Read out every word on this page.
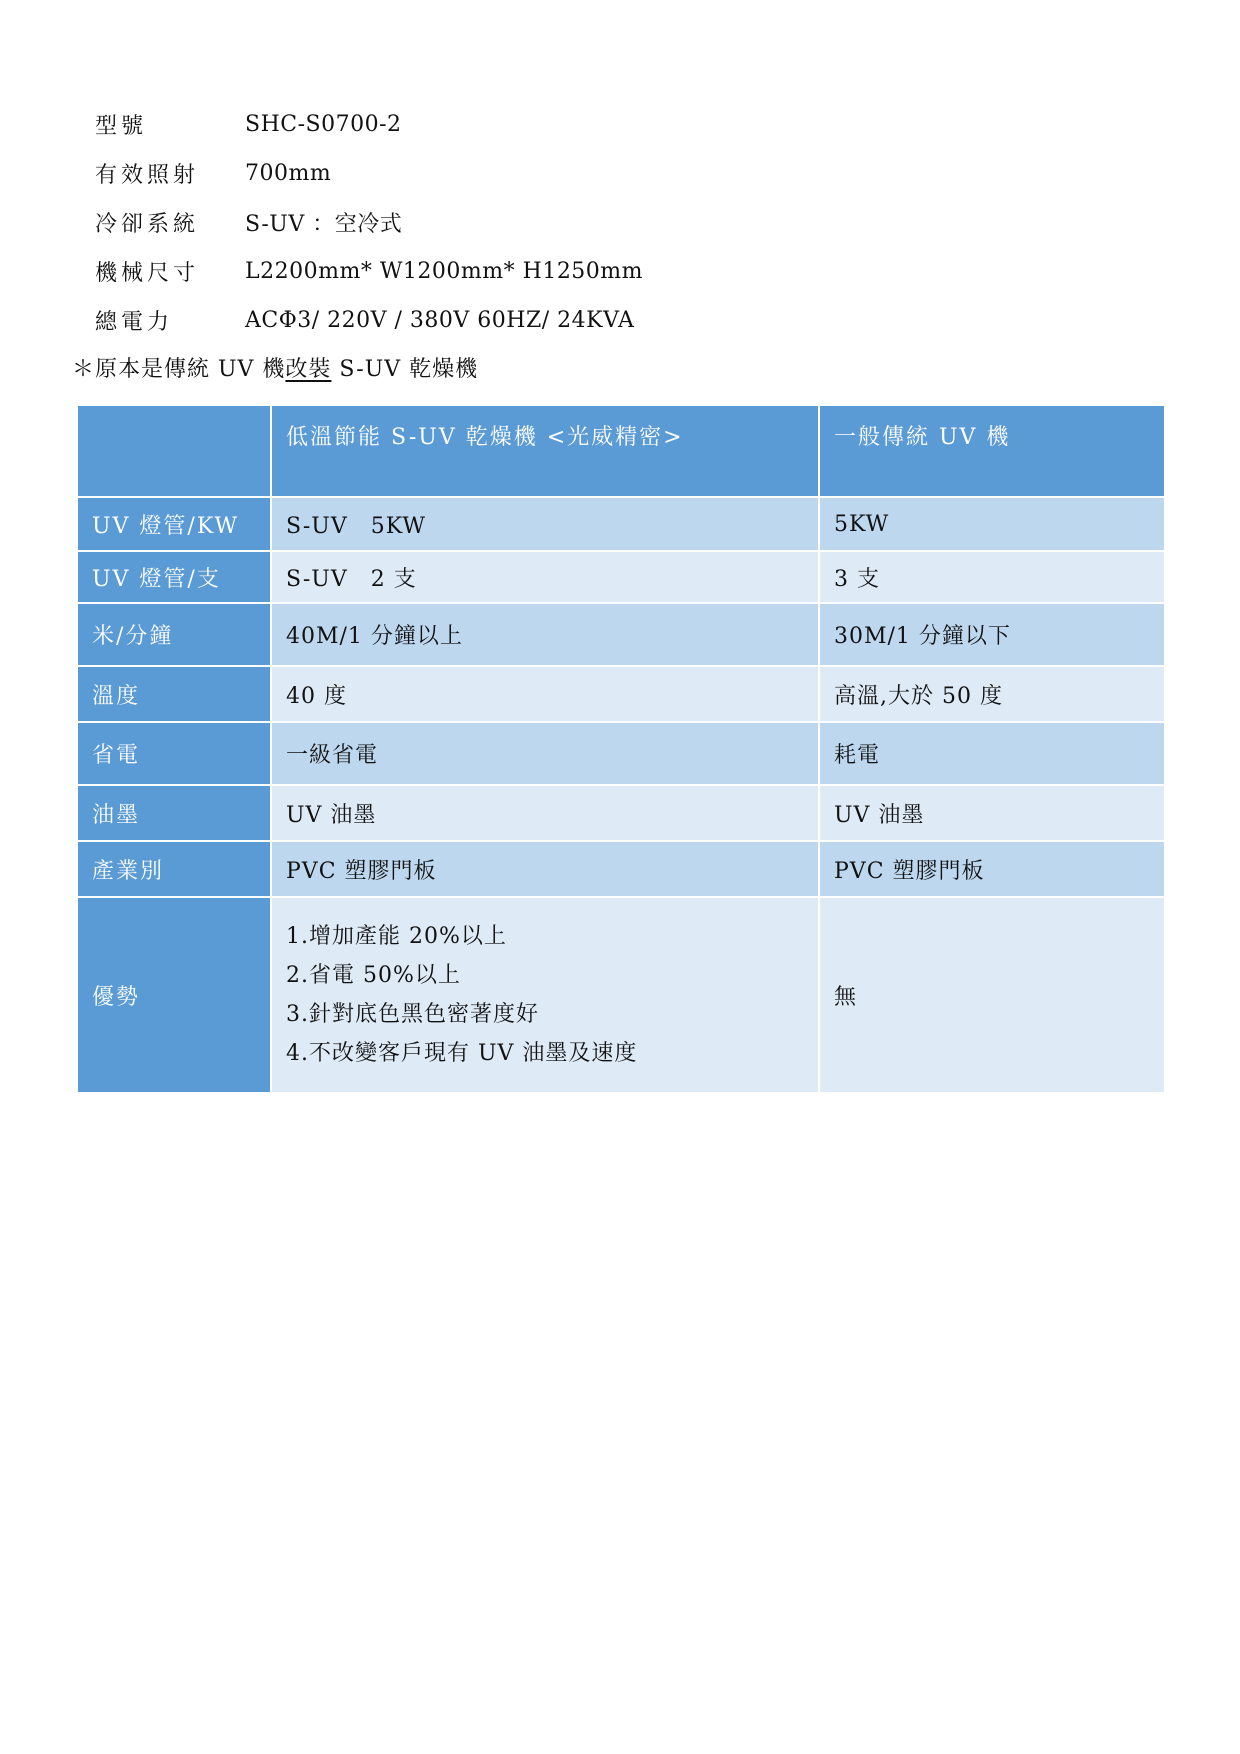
型號	SHC-S0700-2
有效照射	700mm
冷卻系統	S-UV ：空冷式
機械尺寸	L2200mm* W1200mm* H1250mm
總電力	ACΦ3/ 220V / 380V 60HZ/ 24KVA
＊原本是傳統 UV 機改裝 S-UV 乾燥機
	低溫節能 S-UV 乾燥機 <光威精密>	一般傳統 UV 機
UV 燈管/KW	S-UV　5KW	5KW
UV 燈管/支	S-UV　2 支	3 支
米/分鐘	40M/1 分鐘以上	30M/1 分鐘以下
溫度	40 度	高溫,大於 50 度
省電	一級省電	耗電
油墨	UV 油墨	UV 油墨
產業別	PVC 塑膠門板	PVC 塑膠門板
優勢	1.增加產能 20%以上
2.省電 50%以上
3.針對底色黑色密著度好
4.不改變客戶現有 UV 油墨及速度	無
